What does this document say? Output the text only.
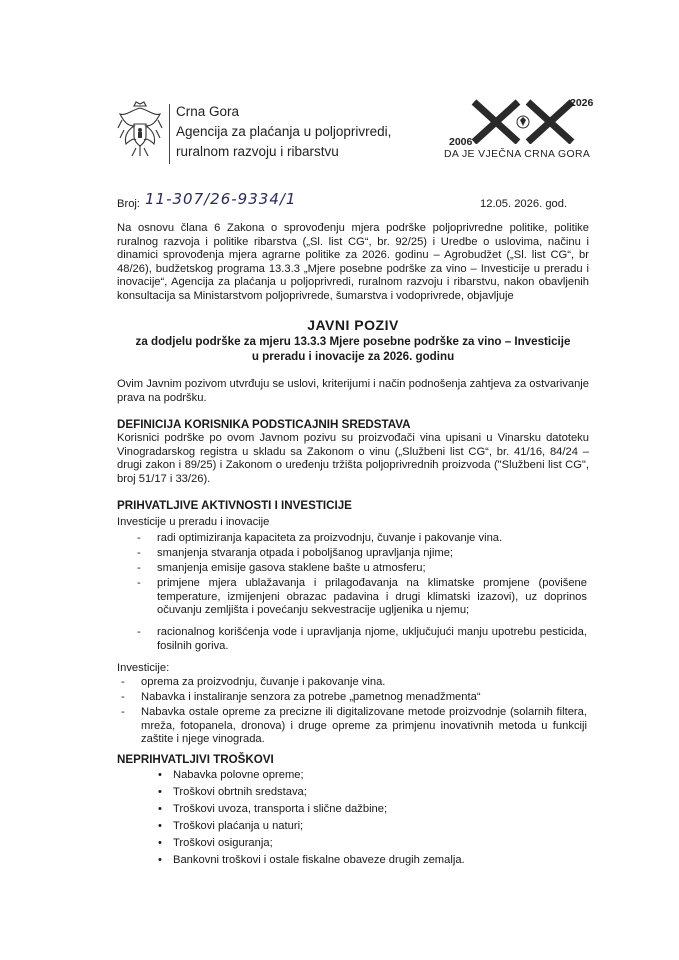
Crna Gora
Agencija za plaćanja u poljoprivredi,
ruralnom razvoju i ribarstvu
2026
2006
DA JE VJEČNA CRNA GORA
Broj: 11-307/26-9334/1	12.05. 2026. god.
Na osnovu člana 6 Zakona o sprovođenju mjera podrške poljoprivredne politike, politike ruralnog razvoja i politike ribarstva („Sl. list CG“, br. 92/25) i Uredbe o uslovima, načinu i dinamici sprovođenja mjera agrarne politike za 2026. godinu – Agrobudžet („Sl. list CG“, br 48/26), budžetskog programa 13.3.3 „Mjere posebne podrške za vino – Investicije u preradu i inovacije“, Agencija za plaćanja u poljoprivredi, ruralnom razvoju i ribarstvu, nakon obavljenih konsultacija sa Ministarstvom poljoprivrede, šumarstva i vodoprivrede, objavljuje
JAVNI POZIV
za dodjelu podrške za mjeru 13.3.3 Mjere posebne podrške za vino – Investicije
u preradu i inovacije za 2026. godinu
Ovim Javnim pozivom utvrđuju se uslovi, kriterijumi i način podnošenja zahtjeva za ostvarivanje prava na podršku.
DEFINICIJA KORISNIKA PODSTICAJNIH SREDSTAVA
Korisnici podrške po ovom Javnom pozivu su proizvođači vina upisani u Vinarsku datoteku Vinogradarskog registra u skladu sa Zakonom o vinu („Službeni list CG“, br. 41/16, 84/24 – drugi zakon i 89/25) i Zakonom o uređenju tržišta poljoprivrednih proizvoda ("Službeni list CG", broj 51/17 i 33/26).
PRIHVATLJIVE AKTIVNOSTI I INVESTICIJE
Investicije u preradu i inovacije
- radi optimiziranja kapaciteta za proizvodnju, čuvanje i pakovanje vina.
- smanjenja stvaranja otpada i poboljšanog upravljanja njime;
- smanjenja emisije gasova staklene bašte u atmosferu;
- primjene mjera ublažavanja i prilagođavanja na klimatske promjene (povišene temperature, izmijenjeni obrazac padavina i drugi klimatski izazovi), uz doprinos očuvanju zemljišta i povećanju sekvestracije ugljenika u njemu;
- racionalnog korišćenja vode i upravljanja njome, uključujući manju upotrebu pesticida, fosilnih goriva.
Investicije:
- oprema za proizvodnju, čuvanje i pakovanje vina.
- Nabavka i instaliranje senzora za potrebe „pametnog menadžmenta“
- Nabavka ostale opreme za precizne ili digitalizovane metode proizvodnje (solarnih filtera, mreža, fotopanela, dronova) i druge opreme za primjenu inovativnih metoda u funkciji zaštite i njege vinograda.
NEPRIHVATLJIVI TROŠKOVI
• Nabavka polovne opreme;
• Troškovi obrtnih sredstava;
• Troškovi uvoza, transporta i slične dažbine;
• Troškovi plaćanja u naturi;
• Troškovi osiguranja;
• Bankovni troškovi i ostale fiskalne obaveze drugih zemalja.
